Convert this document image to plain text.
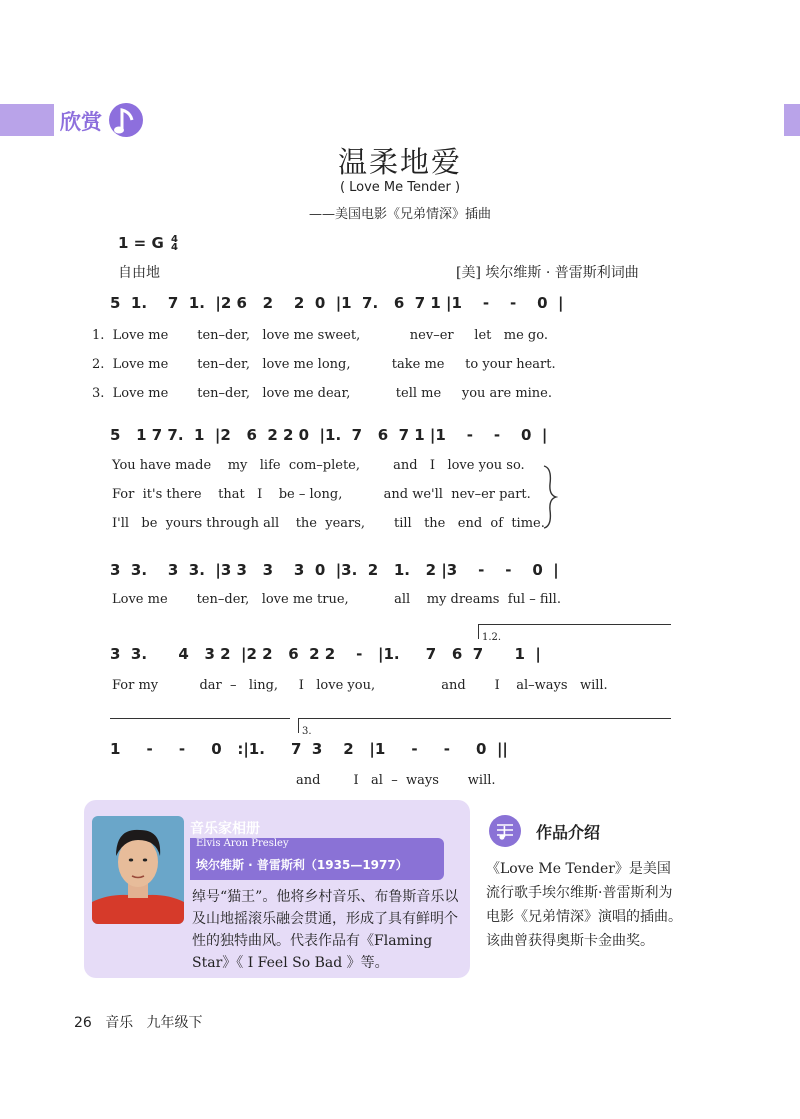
欣赏
温柔地爱
( Love Me Tender )
——美国电影《兄弟情深》插曲
1 = G 4
4
自由地	[美] 埃尔维斯 · 普雷斯利词曲
5  1.    7  1.  |2 6   2    2  0  |1  7.   6  7 1 |1    -    -    0  |
1.  Love me       ten–der,   love me sweet,            nev–er     let   me go.
2.  Love me       ten–der,   love me long,          take me     to your heart.
3.  Love me       ten–der,   love me dear,           tell me     you are mine.
5   1 7 7.  1  |2   6  2 2 0  |1.  7   6  7 1 |1    -    -    0  |
You have made    my   life  com–plete,        and   I   love you so.
For  it's there    that   I    be – long,          and we'll  nev–er part.
I'll   be  yours through all    the  years,       till   the   end  of  time.
3  3.    3  3.  |3 3   3    3  0  |3.  2   1.   2 |3    -    -    0  |
Love me       ten–der,   love me true,           all    my dreams  ful – fill.
1.2.
3  3.      4   3 2  |2 2   6  2 2    -   |1.     7   6  7      1  |
For my          dar  –   ling,     I   love you,                and       I    al–ways   will.
3.
1     -     -     0   :|1.     7  3    2   |1     -     -     0  ||
and        I   al  –  ways       will.
音乐家相册
Elvis Aron Presley
埃尔维斯 · 普雷斯利（1935—1977）
绰号“猫王”。他将乡村音乐、布鲁斯音乐以及山地摇滚乐融会贯通，形成了具有鲜明个性的独特曲风。代表作品有《Flaming Star》《 I Feel So Bad 》等。
作品介绍
《Love Me Tender》是美国流行歌手埃尔维斯·普雷斯利为电影《兄弟情深》演唱的插曲。该曲曾获得奥斯卡金曲奖。
26 音乐 九年级下
